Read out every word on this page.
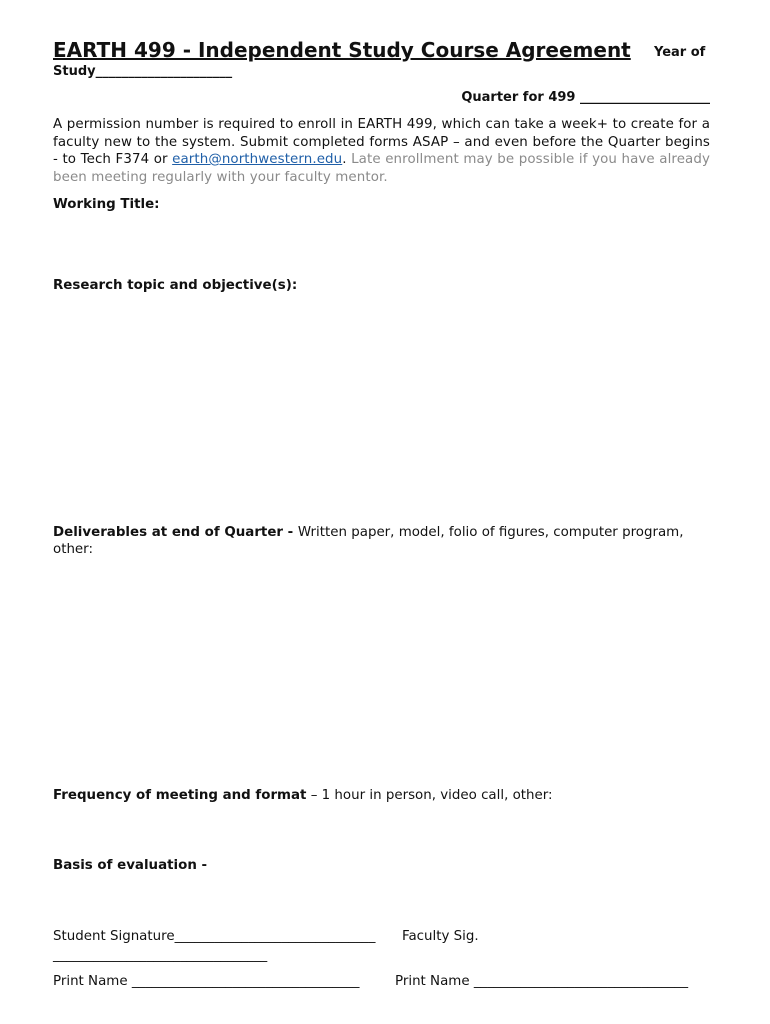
EARTH 499 - Independent Study Course Agreement Year of
Study_____________________
Quarter for 499 ____________________
A permission number is required to enroll in EARTH 499, which can take a week+ to create for a faculty new to the system. Submit completed forms ASAP – and even before the Quarter begins - to Tech F374 or earth@northwestern.edu. Late enrollment may be possible if you have already been meeting regularly with your faculty mentor.
Working Title:
Research topic and objective(s):
Deliverables at end of Quarter - Written paper, model, folio of figures, computer program, other:
Frequency of meeting and format – 1 hour in person, video call, other:
Basis of evaluation -
Student Signature______________________________ Faculty Sig.
________________________________
Print Name __________________________________	Print Name ________________________________
